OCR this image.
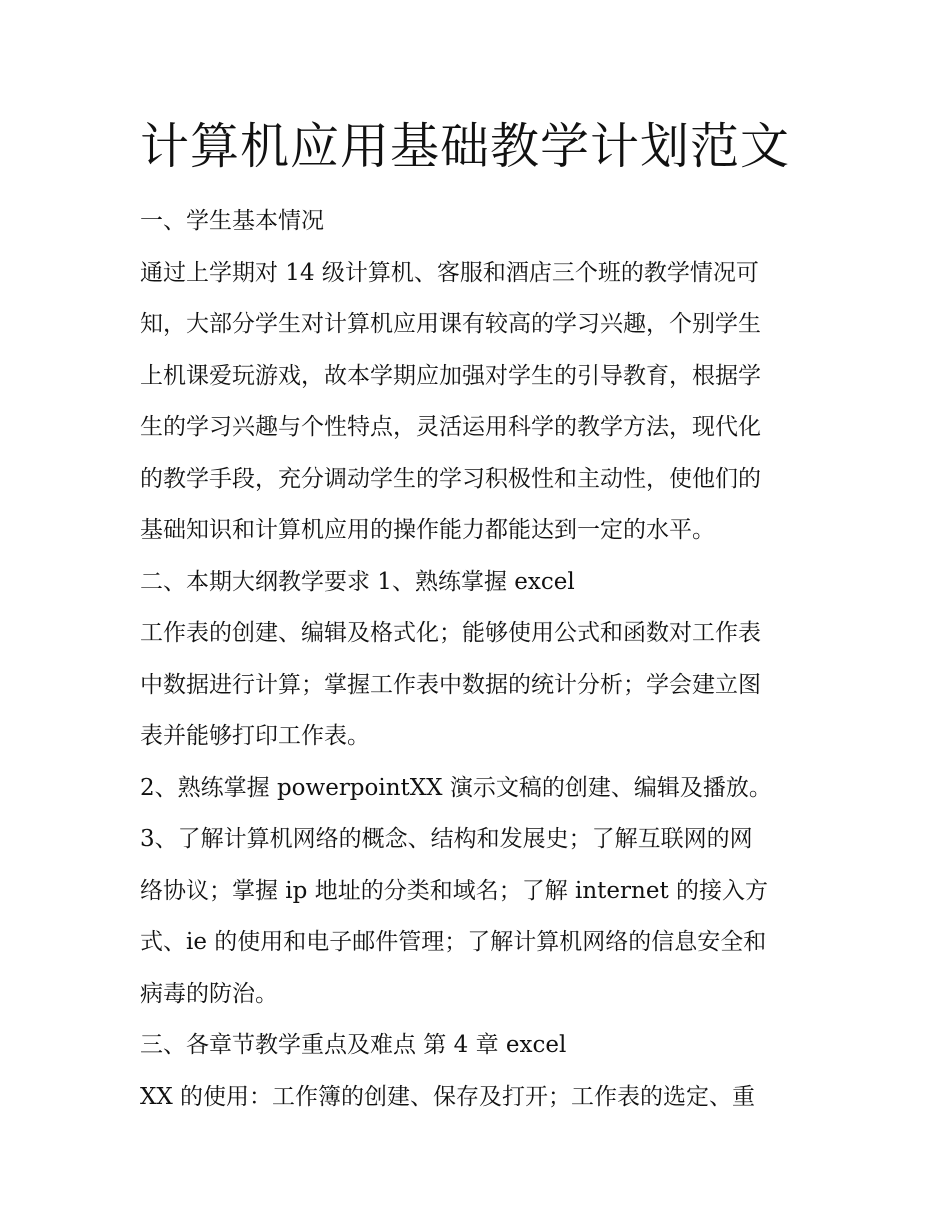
计算机应用基础教学计划范文

一、学生基本情况

通过上学期对 14 级计算机、客服和酒店三个班的教学情况可

知，大部分学生对计算机应用课有较高的学习兴趣，个别学生

上机课爱玩游戏，故本学期应加强对学生的引导教育，根据学

生的学习兴趣与个性特点，灵活运用科学的教学方法，现代化

的教学手段，充分调动学生的学习积极性和主动性，使他们的

基础知识和计算机应用的操作能力都能达到一定的水平。

二、本期大纲教学要求 1、熟练掌握 excel

工作表的创建、编辑及格式化；能够使用公式和函数对工作表

中数据进行计算；掌握工作表中数据的统计分析；学会建立图

表并能够打印工作表。

2、熟练掌握 powerpointXX 演示文稿的创建、编辑及播放。

3、了解计算机网络的概念、结构和发展史；了解互联网的网

络协议；掌握 ip 地址的分类和域名；了解 internet 的接入方

式、ie 的使用和电子邮件管理；了解计算机网络的信息安全和

病毒的防治。

三、各章节教学重点及难点 第 4 章 excel

XX 的使用：工作簿的创建、保存及打开；工作表的选定、重
